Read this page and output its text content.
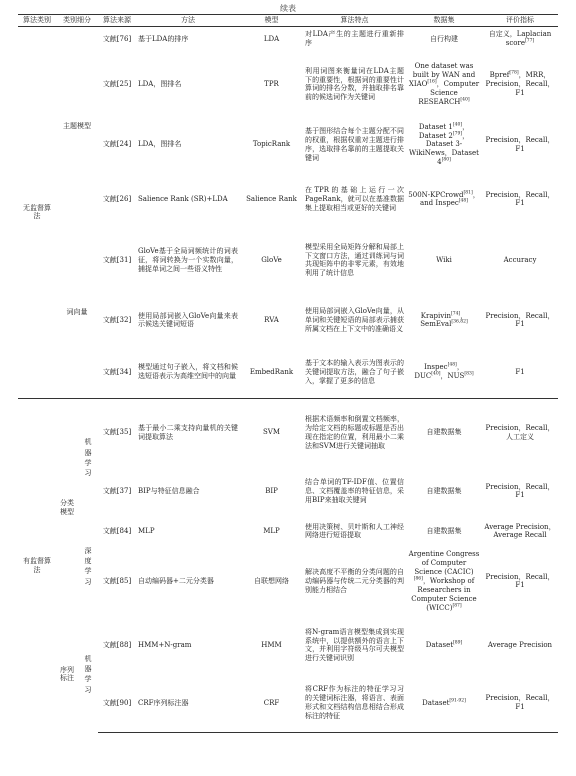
续表
算法类别	类别细分		算法来源	方法	模型	算法特点	数据集	评价指标
无监督算法	主题模型		文献[76]	基于LDA的排序	LDA	对LDA产生的主题进行重新排序	自行构建	自定义，Laplacian score[77]
			文献[25]	LDA，图排名	TPR	利用词图来衡量词在LDA主题下的重要性，根据词的重要性计算词的排名分数，并抽取排名靠前的候选词作为关键词	One dataset was built by WAN and XIAO[16]，Computer Science RESEARCH[40]	Bpref[78]，MRR，Precision，Recall，F1
			文献[24]	LDA，图排名	TopicRank	基于图形结合每个主题分配不同的权重，根据权重对主题进行排序，选取排名靠前的主题提取关键词	Dataset 1[40]，Dataset 2[79]，Dataset 3- WikiNews，Dataset 4[80]	Precision，Recall，F1
			文献[26]	Salience Rank (SR)+LDA	Salience Rank	在TPR的基础上运行一次PageRank，就可以在基准数据集上提取相当或更好的关键词	500N-KPCrowd[81]，and Inspec[48]	Precision，Recall，F1
	词向量		文献[31]	GloVe基于全局词频统计的词表征，将词转换为一个实数向量，捕捉单词之间一些语义特性	GloVe	模型采用全局矩阵分解和局部上下文窗口方法，通过训练词与词共现矩阵中的非零元素，有效地利用了统计信息	Wiki	Accuracy
			文献[32]	使用局部词嵌入GloVe向量来表示候选关键词短语	RVA	使用局部词嵌入GloVe向量，从单词和关键短语的局部表示捕获所属文档在上下文中的准确语义	Krapivin[74]，SemEval[36,82]	Precision，Recall，F1
			文献[34]	模型通过句子嵌入，将文档和候选短语表示为高维空间中的向量	EmbedRank	基于文本的输入表示为图表示的关键词提取方法，融合了句子嵌入，掌握了更多的信息	Inspec[48]，DUC[40]，NUS[83]	F1
有监督算法	分类模型	机器学习	文献[35]	基于最小二乘支持向量机的关键词提取算法	SVM	根据术语频率和倒置文档频率，为给定文档的标题或标题是否出现在指定的位置，利用最小二乘法和SVM进行关键词抽取	自建数据集	Precision，Recall，人工定义
			文献[37]	BIP与特征信息融合	BIP	结合单词的TF-IDF值、位置信息、文档覆盖率的特征信息，采用BIP来抽取关键词	自建数据集	Precision，Recall，F1
		深度学习	文献[84]	MLP	MLP	使用决策树、贝叶斯和人工神经网络进行短语提取	自建数据集	Average Precision，Average Recall
			文献[85]	自动编码器+二元分类器	自联想网络	解决高度不平衡的分类问题的自动编码器与传统二元分类器的判别能力相结合	Argentine Congress of Computer Science (CACIC)[86]，Workshop of Researchers in Computer Science (WICC)[87]	Precision，Recall，F1
	序列标注	机器学习	文献[88]	HMM+N-gram	HMM	将N-gram语言模型集成到实现系统中，以提供额外的语言上下文，并利用字符级马尔可夫模型进行关键词识别	Dataset[89]	Average Precision
			文献[90]	CRF序列标注器	CRF	将CRF作为标注的特征学习习的关键词标注器，将语言、表面形式和文档结构信息相结合形成标注的特征	Dataset[91-92]	Precision，Recall，F1
